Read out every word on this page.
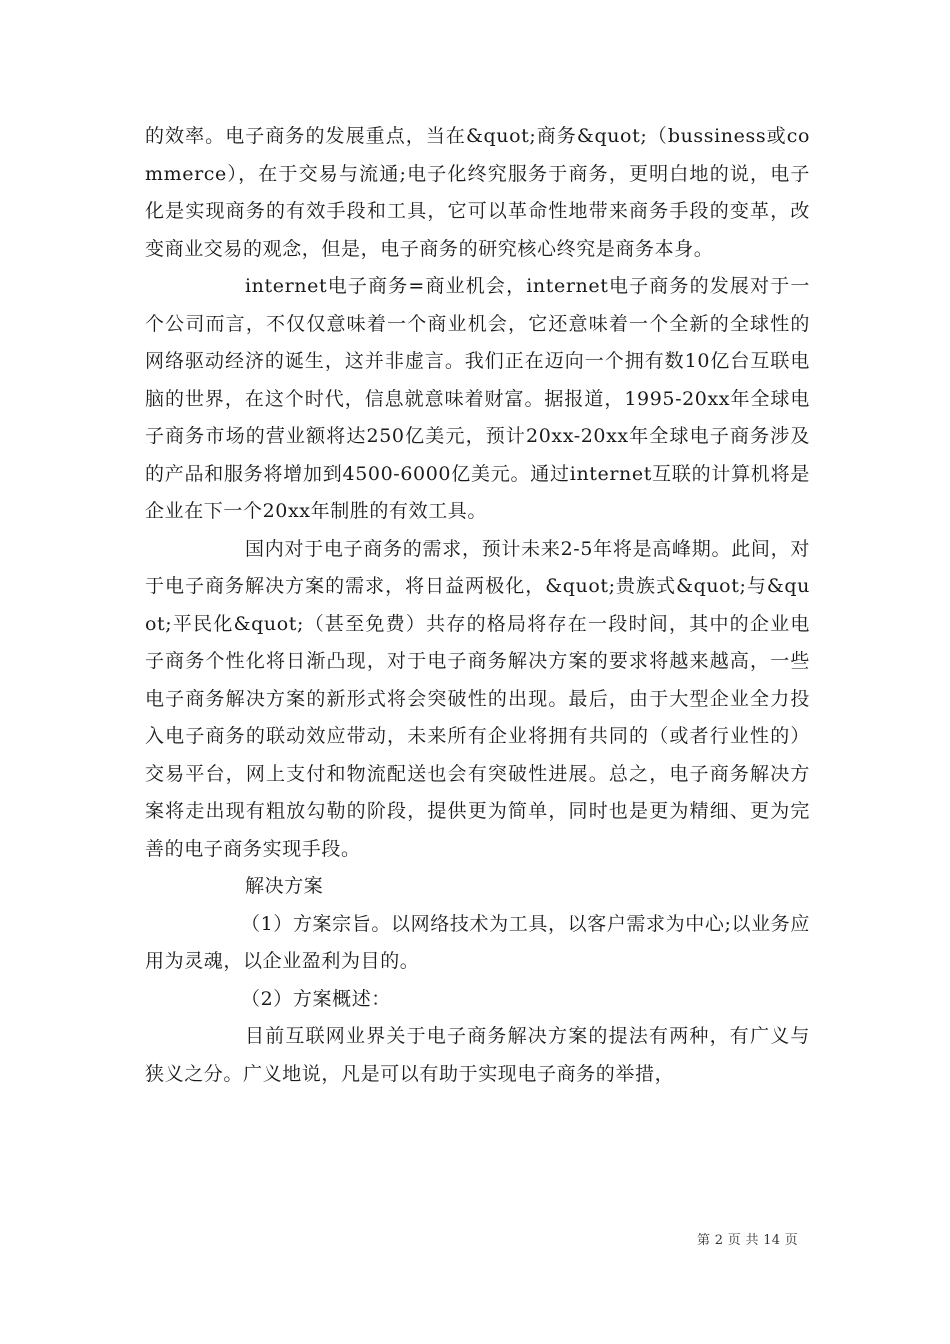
的效率。电子商务的发展重点，当在&quot;商务&quot;（bussiness或commerce），在于交易与流通;电子化终究服务于商务，更明白地的说，电子化是实现商务的有效手段和工具，它可以革命性地带来商务手段的变革，改变商业交易的观念，但是，电子商务的研究核心终究是商务本身。

internet电子商务=商业机会，internet电子商务的发展对于一个公司而言，不仅仅意味着一个商业机会，它还意味着一个全新的全球性的网络驱动经济的诞生，这并非虚言。我们正在迈向一个拥有数10亿台互联电脑的世界，在这个时代，信息就意味着财富。据报道，1995-20xx年全球电子商务市场的营业额将达250亿美元，预计20xx-20xx年全球电子商务涉及的产品和服务将增加到4500-6000亿美元。通过internet互联的计算机将是企业在下一个20xx年制胜的有效工具。

国内对于电子商务的需求，预计未来2-5年将是高峰期。此间，对于电子商务解决方案的需求，将日益两极化，&quot;贵族式&quot;与&quot;平民化&quot;（甚至免费）共存的格局将存在一段时间，其中的企业电子商务个性化将日渐凸现，对于电子商务解决方案的要求将越来越高，一些电子商务解决方案的新形式将会突破性的出现。最后，由于大型企业全力投入电子商务的联动效应带动，未来所有企业将拥有共同的（或者行业性的）交易平台，网上支付和物流配送也会有突破性进展。总之，电子商务解决方案将走出现有粗放勾勒的阶段，提供更为简单，同时也是更为精细、更为完善的电子商务实现手段。

解决方案

（1）方案宗旨。以网络技术为工具，以客户需求为中心;以业务应用为灵魂，以企业盈利为目的。

（2）方案概述：

目前互联网业界关于电子商务解决方案的提法有两种，有广义与狭义之分。广义地说，凡是可以有助于实现电子商务的举措，

第 2 页 共 14 页
